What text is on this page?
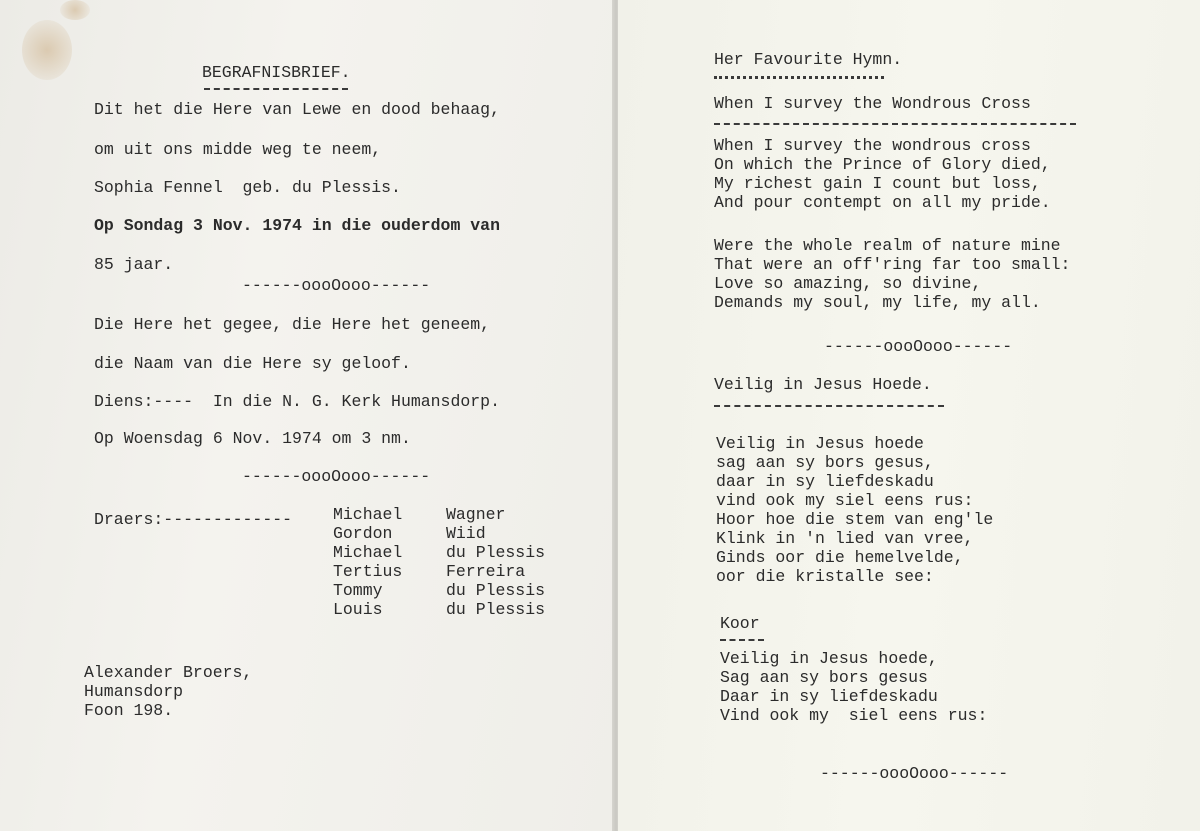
BEGRAFNISBRIEF.
Dit het die Here van Lewe en dood behaag,
om uit ons midde weg te neem,
Sophia Fennel  geb. du Plessis.
Op Sondag 3 Nov. 1974 in die ouderdom van
85 jaar.
------oooOooo------
Die Here het gegee, die Here het geneem,
die Naam van die Here sy geloof.
Diens:----  In die N. G. Kerk Humansdorp.
Op Woensdag 6 Nov. 1974 om 3 nm.
------oooOooo------
Draers:------------- Michael
Gordon
Michael
Tertius
Tommy
Louis
Wagner
Wiid
du Plessis
Ferreira
du Plessis
du Plessis
Alexander Broers,
Humansdorp
Foon 198.
Her Favourite Hymn.
When I survey the Wondrous Cross
When I survey the wondrous cross
On which the Prince of Glory died,
My richest gain I count but loss,
And pour contempt on all my pride.
Were the whole realm of nature mine
That were an off'ring far too small:
Love so amazing, so divine,
Demands my soul, my life, my all.
------oooOooo------
Veilig in Jesus Hoede.
Veilig in Jesus hoede
sag aan sy bors gesus,
daar in sy liefdeskadu
vind ook my siel eens rus:
Hoor hoe die stem van eng'le
Klink in 'n lied van vree,
Ginds oor die hemelvelde,
oor die kristalle see:
Koor
Veilig in Jesus hoede,
Sag aan sy bors gesus
Daar in sy liefdeskadu
Vind ook my  siel eens rus:
------oooOooo------
